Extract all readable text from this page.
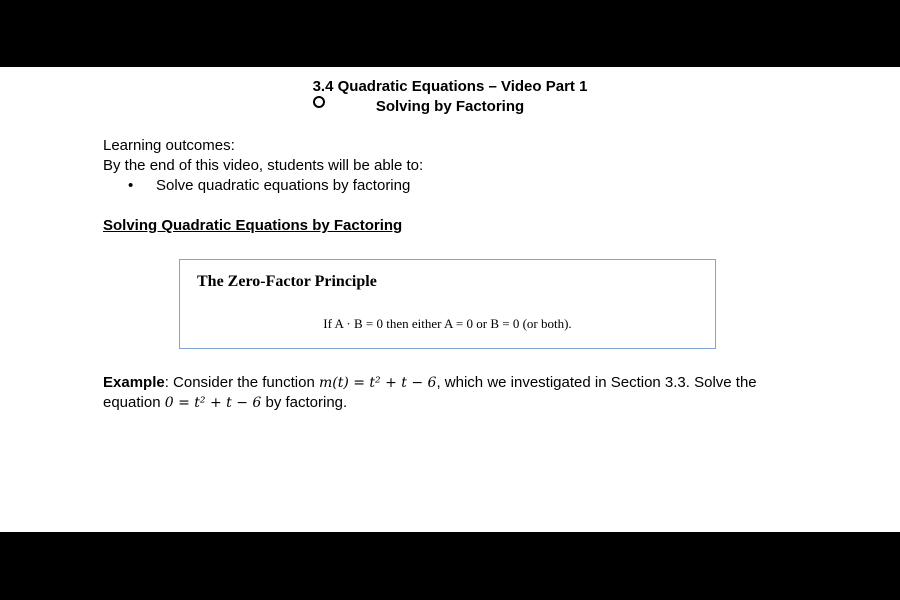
3.4 Quadratic Equations – Video Part 1
Solving by Factoring
Learning outcomes:
By the end of this video, students will be able to:
• Solve quadratic equations by factoring
Solving Quadratic Equations by Factoring
The Zero-Factor Principle
If A · B = 0 then either A = 0 or B = 0 (or both).
Example: Consider the function m(t) = t² + t − 6, which we investigated in Section 3.3. Solve the
equation 0 = t² + t − 6 by factoring.
